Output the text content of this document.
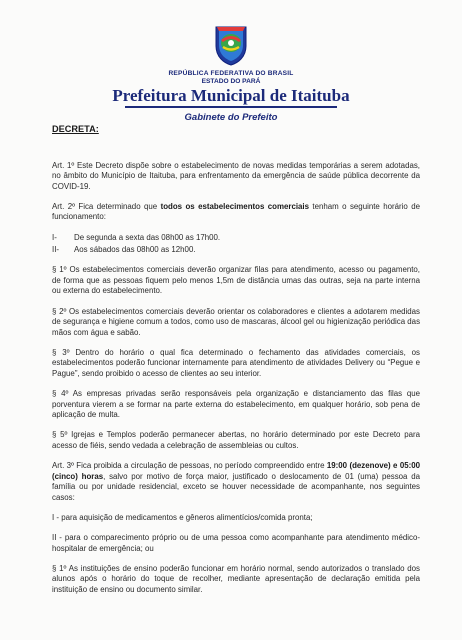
REPÚBLICA FEDERATIVA DO BRASIL
ESTADO DO PARÁ
Prefeitura Municipal de Itaituba
Gabinete do Prefeito
DECRETA:

Art. 1º Este Decreto dispõe sobre o estabelecimento de novas medidas temporárias a serem adotadas, no âmbito do Município de Itaituba, para enfrentamento da emergência de saúde pública decorrente da COVID-19.

Art. 2º Fica determinado que todos os estabelecimentos comerciais tenham o seguinte horário de funcionamento:

I-	De segunda a sexta das 08h00 as 17h00.
II-	Aos sábados das 08h00 as 12h00.

§ 1º Os estabelecimentos comerciais deverão organizar filas para atendimento, acesso ou pagamento, de forma que as pessoas fiquem pelo menos 1,5m de distância umas das outras, seja na parte interna ou externa do estabelecimento.

§ 2º Os estabelecimentos comerciais deverão orientar os colaboradores e clientes a adotarem medidas de segurança e higiene comum a todos, como uso de mascaras, álcool gel ou higienização periódica das mãos com água e sabão.

§ 3º Dentro do horário o qual fica determinado o fechamento das atividades comerciais, os estabelecimentos poderão funcionar internamente para atendimento de atividades Delivery ou “Pegue e Pague”, sendo proibido o acesso de clientes ao seu interior.

§ 4º As empresas privadas serão responsáveis pela organização e distanciamento das filas que porventura vierem a se formar na parte externa do estabelecimento, em qualquer horário, sob pena de aplicação de multa.

§ 5º Igrejas e Templos poderão permanecer abertas, no horário determinado por este Decreto para acesso de fiéis, sendo vedada a celebração de assembleias ou cultos.

Art. 3º Fica proibida a circulação de pessoas, no período compreendido entre 19:00 (dezenove) e 05:00 (cinco) horas, salvo por motivo de força maior, justificado o deslocamento de 01 (uma) pessoa da família ou por unidade residencial, exceto se houver necessidade de acompanhante, nos seguintes casos:

I - para aquisição de medicamentos e gêneros alimentícios/comida pronta;

II - para o comparecimento próprio ou de uma pessoa como acompanhante para atendimento médico-hospitalar de emergência; ou

§ 1º As instituições de ensino poderão funcionar em horário normal, sendo autorizados o translado dos alunos após o horário do toque de recolher, mediante apresentação de declaração emitida pela instituição de ensino ou documento similar.
